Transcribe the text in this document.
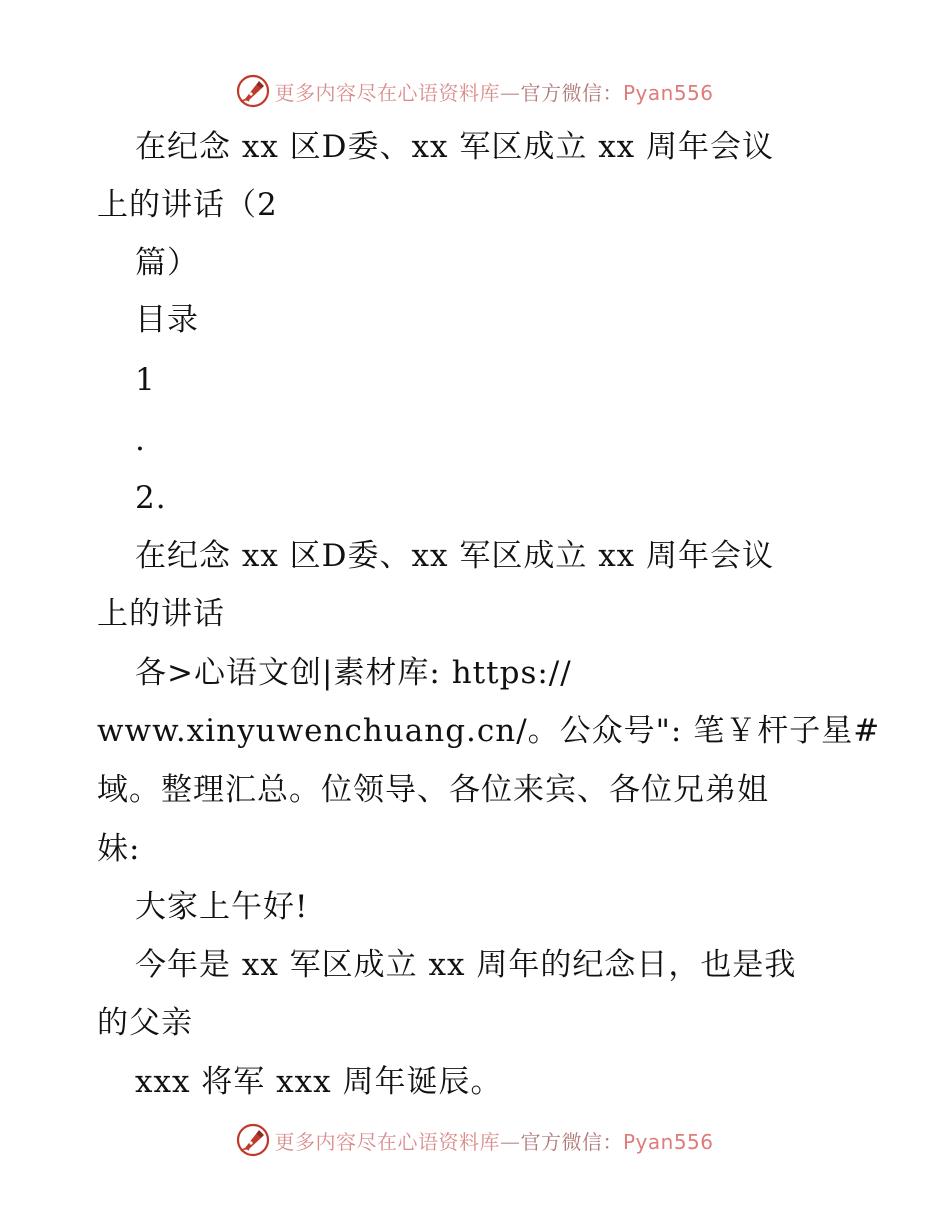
更多内容尽在心语资料库—官方微信：Pyan556
在纪念 xx 区D委、xx 军区成立 xx 周年会议
上的讲话（2
篇）
目录
1
.
2.
在纪念 xx 区D委、xx 军区成立 xx 周年会议
上的讲话
各>心语文创|素材库: https://
www.xinyuwenchuang.cn/。公众号": 笔￥杆子星#
域。整理汇总。位领导、各位来宾、各位兄弟姐
妹:
大家上午好!
今年是 xx 军区成立 xx 周年的纪念日，也是我
的父亲
xxx 将军 xxx 周年诞辰。
更多内容尽在心语资料库—官方微信：Pyan556
